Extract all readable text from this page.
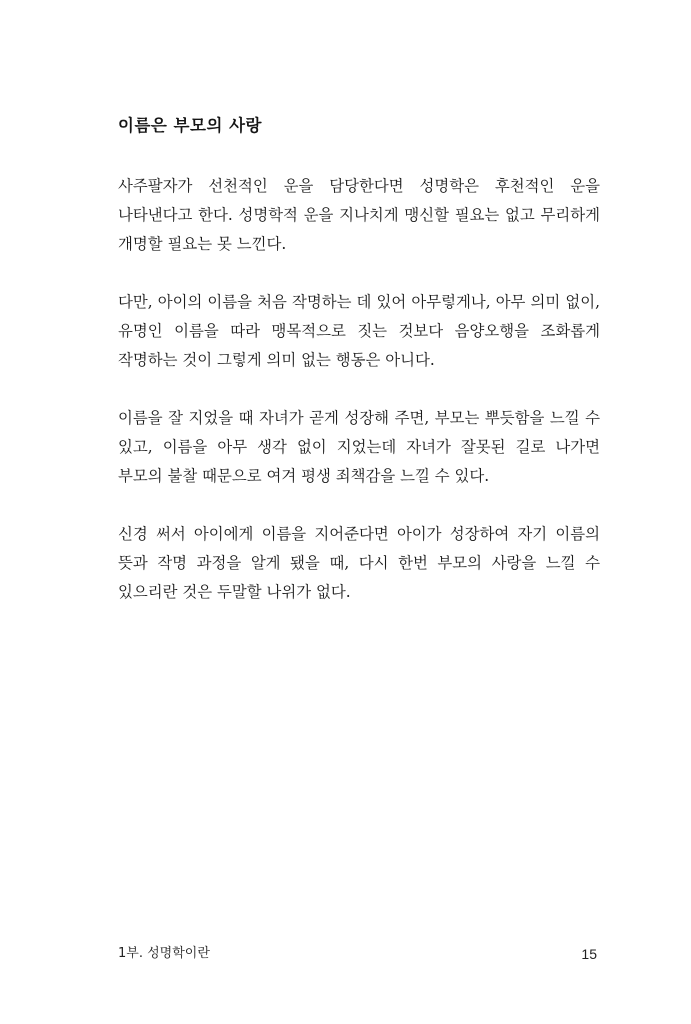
이름은 부모의 사랑

사주팔자가 선천적인 운을 담당한다면 성명학은 후천적인 운을 나타낸다고 한다. 성명학적 운을 지나치게 맹신할 필요는 없고 무리하게 개명할 필요는 못 느낀다.

다만, 아이의 이름을 처음 작명하는 데 있어 아무렇게나, 아무 의미 없이, 유명인 이름을 따라 맹목적으로 짓는 것보다 음양오행을 조화롭게 작명하는 것이 그렇게 의미 없는 행동은 아니다.

이름을 잘 지었을 때 자녀가 곧게 성장해 주면, 부모는 뿌듯함을 느낄 수 있고, 이름을 아무 생각 없이 지었는데 자녀가 잘못된 길로 나가면 부모의 불찰 때문으로 여겨 평생 죄책감을 느낄 수 있다.

신경 써서 아이에게 이름을 지어준다면 아이가 성장하여 자기 이름의 뜻과 작명 과정을 알게 됐을 때, 다시 한번 부모의 사랑을 느낄 수 있으리란 것은 두말할 나위가 없다.

1부. 성명학이란	15
